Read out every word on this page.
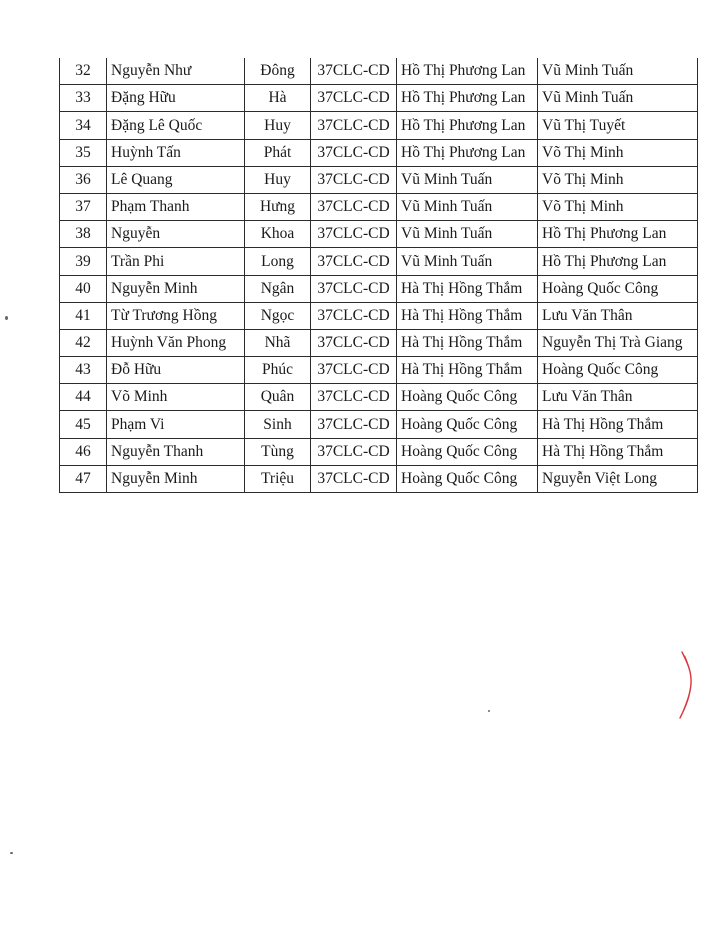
32	Nguyễn Như	Đông	37CLC-CD	Hồ Thị Phương Lan	Vũ Minh Tuấn
33	Đặng Hữu	Hà	37CLC-CD	Hồ Thị Phương Lan	Vũ Minh Tuấn
34	Đặng Lê Quốc	Huy	37CLC-CD	Hồ Thị Phương Lan	Vũ Thị Tuyết
35	Huỳnh Tấn	Phát	37CLC-CD	Hồ Thị Phương Lan	Võ Thị Minh
36	Lê Quang	Huy	37CLC-CD	Vũ Minh Tuấn	Võ Thị Minh
37	Phạm Thanh	Hưng	37CLC-CD	Vũ Minh Tuấn	Võ Thị Minh
38	Nguyễn	Khoa	37CLC-CD	Vũ Minh Tuấn	Hồ Thị Phương Lan
39	Trần Phi	Long	37CLC-CD	Vũ Minh Tuấn	Hồ Thị Phương Lan
40	Nguyễn Minh	Ngân	37CLC-CD	Hà Thị Hồng Thắm	Hoàng Quốc Công
41	Từ Trương Hồng	Ngọc	37CLC-CD	Hà Thị Hồng Thắm	Lưu Văn Thân
42	Huỳnh Văn Phong	Nhã	37CLC-CD	Hà Thị Hồng Thắm	Nguyễn Thị Trà Giang
43	Đỗ Hữu	Phúc	37CLC-CD	Hà Thị Hồng Thắm	Hoàng Quốc Công
44	Võ Minh	Quân	37CLC-CD	Hoàng Quốc Công	Lưu Văn Thân
45	Phạm Vi	Sinh	37CLC-CD	Hoàng Quốc Công	Hà Thị Hồng Thắm
46	Nguyễn Thanh	Tùng	37CLC-CD	Hoàng Quốc Công	Hà Thị Hồng Thắm
47	Nguyễn Minh	Triệu	37CLC-CD	Hoàng Quốc Công	Nguyễn Việt Long
